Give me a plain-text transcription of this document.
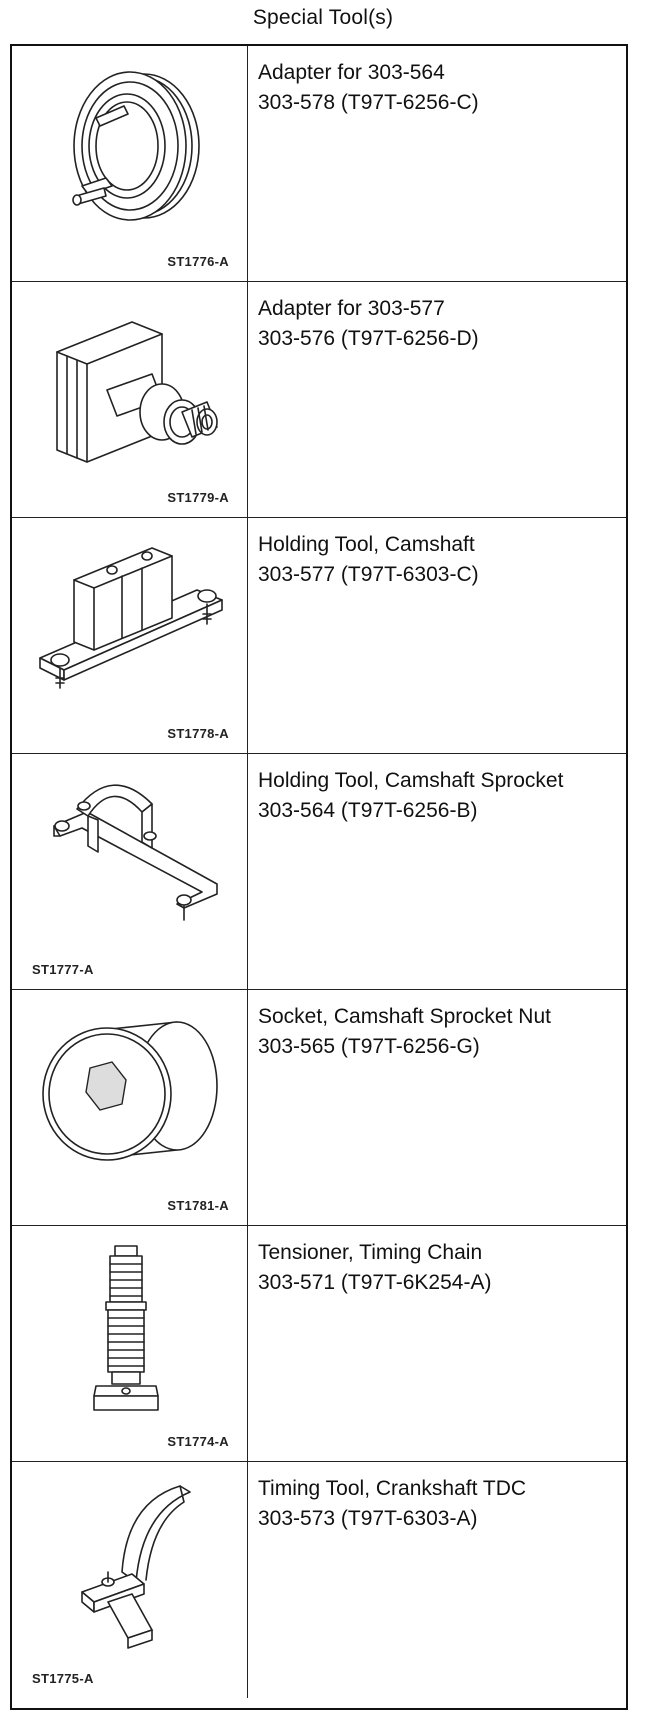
Special Tool(s)
ST1776-A
Adapter for 303-564
303-578 (T97T-6256-C)
ST1779-A
Adapter for 303-577
303-576 (T97T-6256-D)
ST1778-A
Holding Tool, Camshaft
303-577 (T97T-6303-C)
ST1777-A
Holding Tool, Camshaft Sprocket
303-564 (T97T-6256-B)
ST1781-A
Socket, Camshaft Sprocket Nut
303-565 (T97T-6256-G)
ST1774-A
Tensioner, Timing Chain
303-571 (T97T-6K254-A)
ST1775-A
Timing Tool, Crankshaft TDC
303-573 (T97T-6303-A)
